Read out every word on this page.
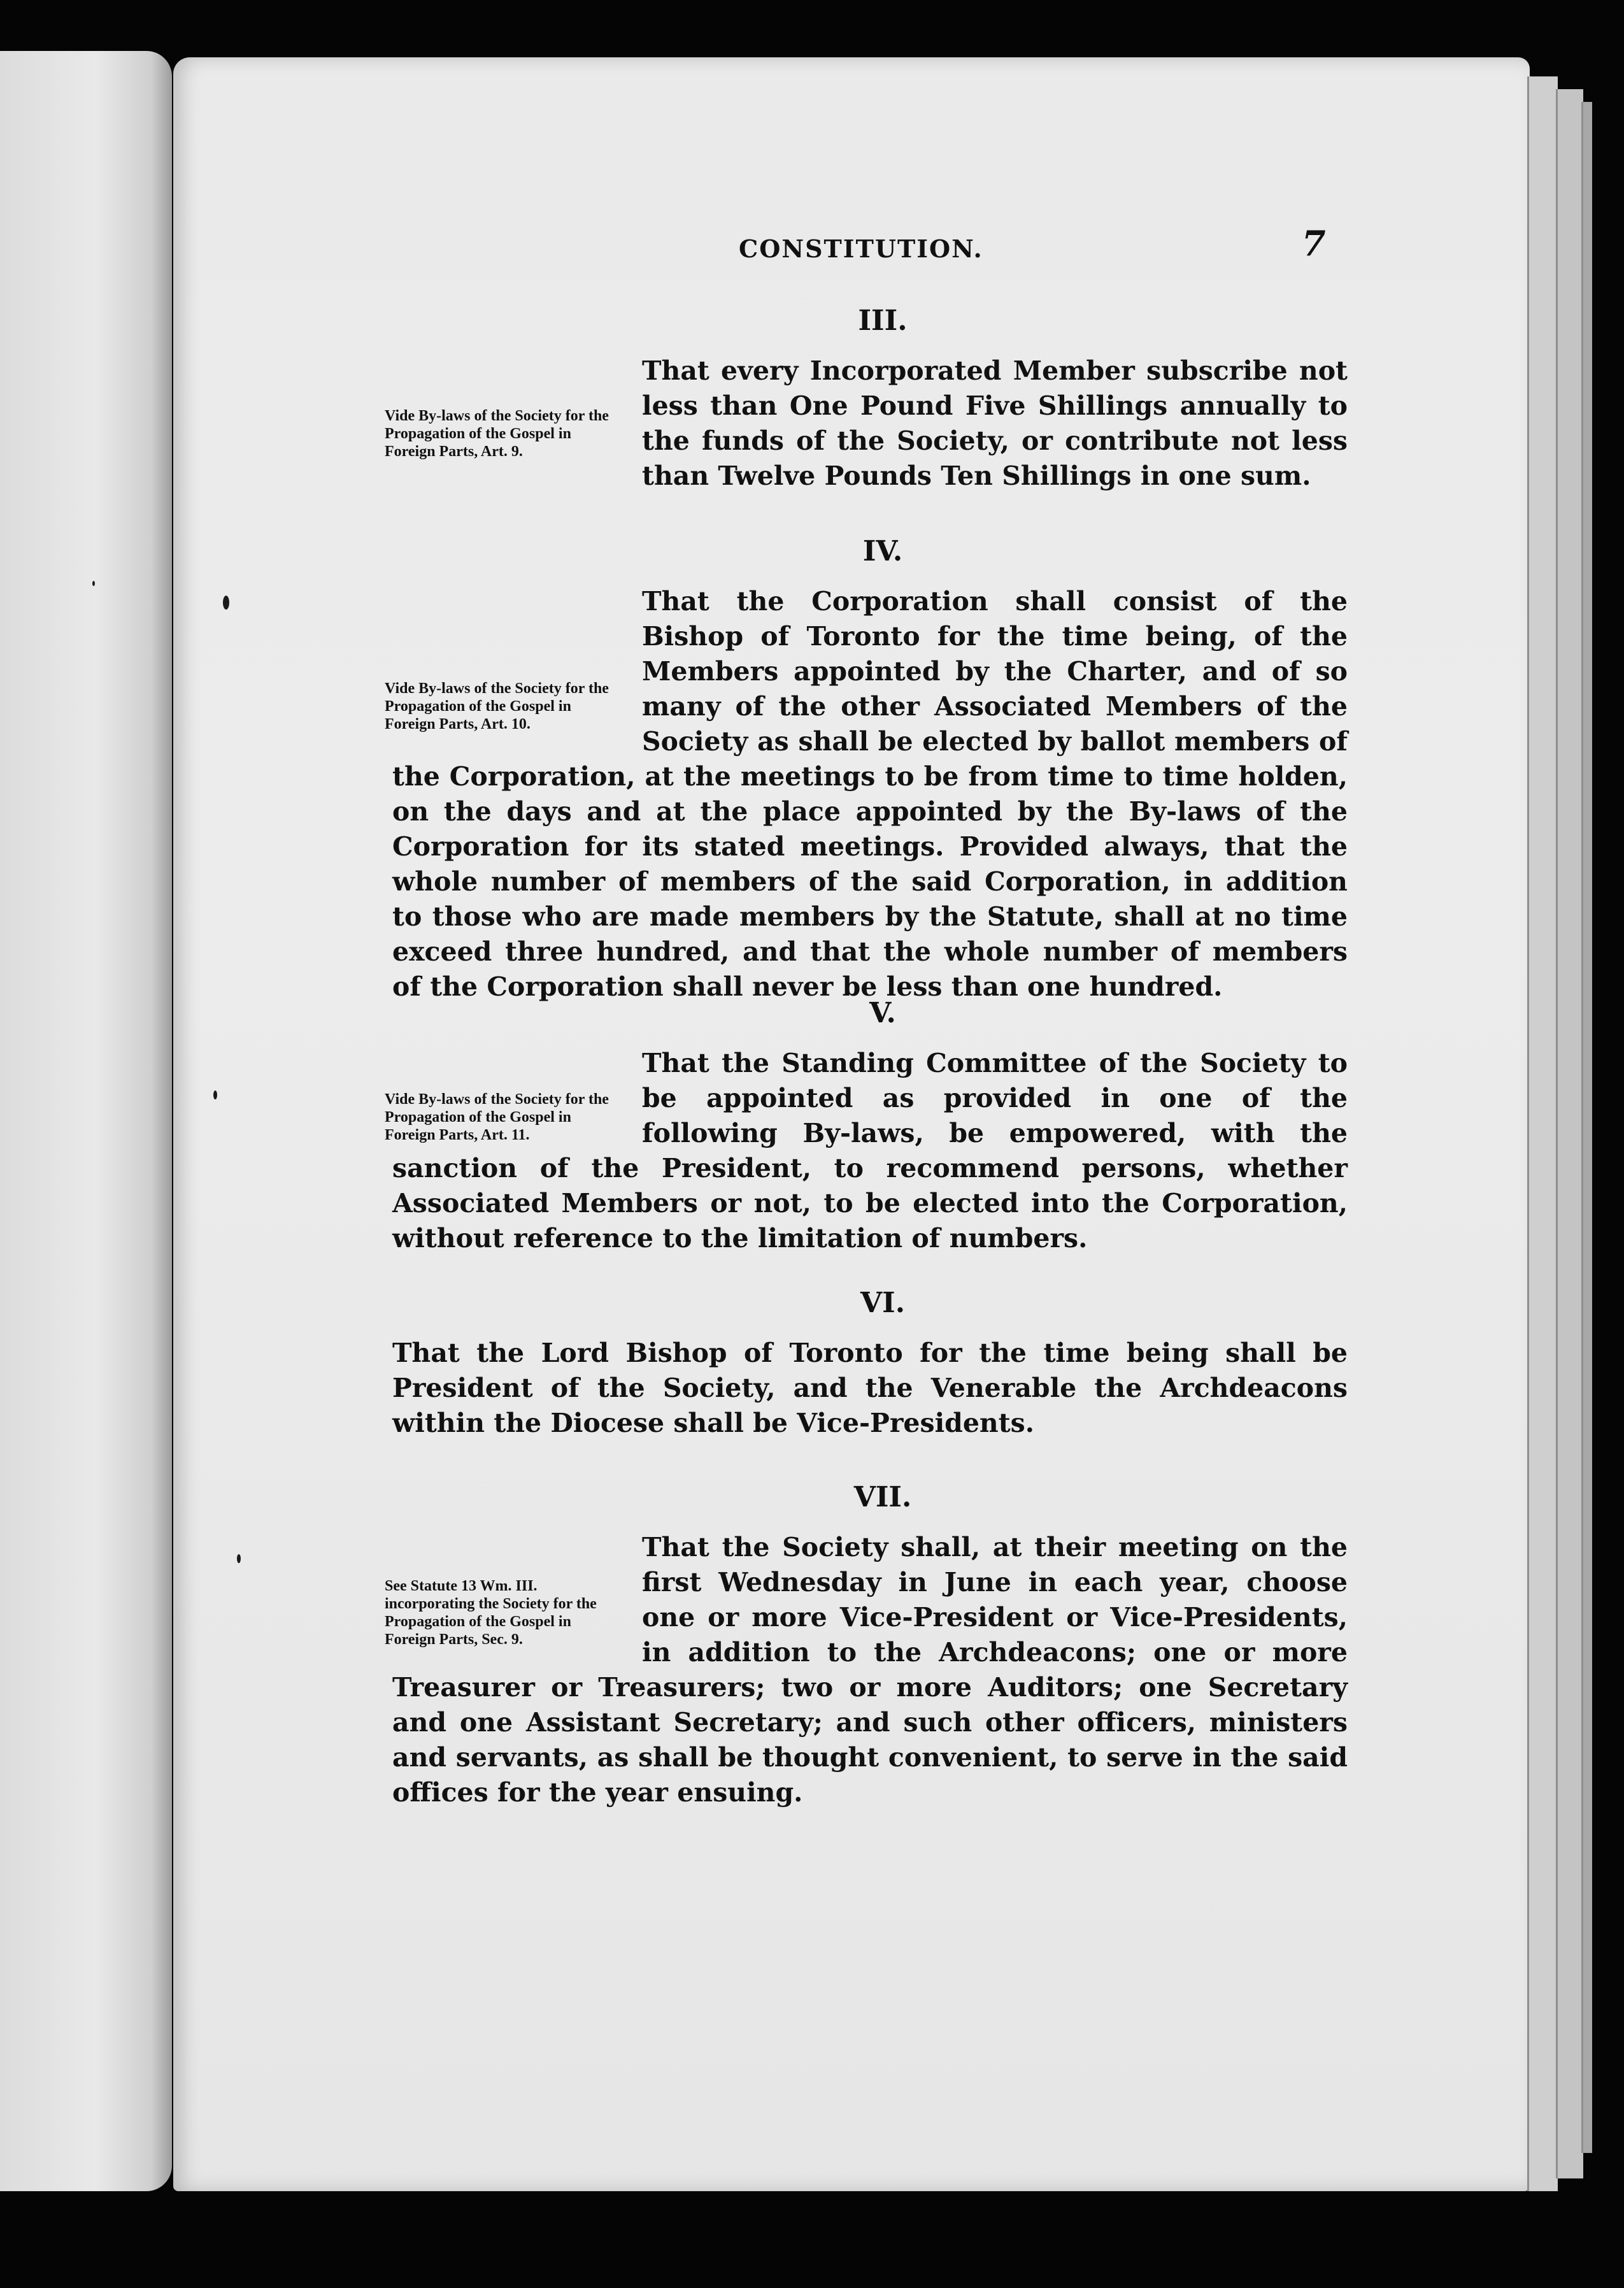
CONSTITUTION.	7
III.
Vide By-laws of the Society for the Propagation of the Gospel in Foreign Parts, Art. 9.
That every Incorporated Member subscribe not less than One Pound Five Shillings annually to the funds of the Society, or contribute not less than Twelve Pounds Ten Shillings in one sum.
IV.
Vide By-laws of the Society for the Propagation of the Gospel in Foreign Parts, Art. 10.
That the Corporation shall consist of the Bishop of Toronto for the time being, of the Members appointed by the Charter, and of so many of the other Associated Members of the Society as shall be elected by ballot members of the Corporation, at the meetings to be from time to time holden, on the days and at the place appointed by the By-laws of the Corporation for its stated meetings. Provided always, that the whole number of members of the said Corporation, in addition to those who are made members by the Statute, shall at no time exceed three hundred, and that the whole number of members of the Corporation shall never be less than one hundred.
V.
Vide By-laws of the Society for the Propagation of the Gospel in Foreign Parts, Art. 11.
That the Standing Committee of the Society to be appointed as provided in one of the following By-laws, be empowered, with the sanction of the President, to recommend persons, whether Associated Members or not, to be elected into the Corporation, without reference to the limitation of numbers.
VI.
That the Lord Bishop of Toronto for the time being shall be President of the Society, and the Venerable the Archdeacons within the Diocese shall be Vice-Presidents.
VII.
See Statute 13 Wm. III. incorporating the Society for the Propagation of the Gospel in Foreign Parts, Sec. 9.
That the Society shall, at their meeting on the first Wednesday in June in each year, choose one or more Vice-President or Vice-Presidents, in addition to the Archdeacons; one or more Treasurer or Treasurers; two or more Auditors; one Secretary and one Assistant Secretary; and such other officers, ministers and servants, as shall be thought convenient, to serve in the said offices for the year ensuing.
